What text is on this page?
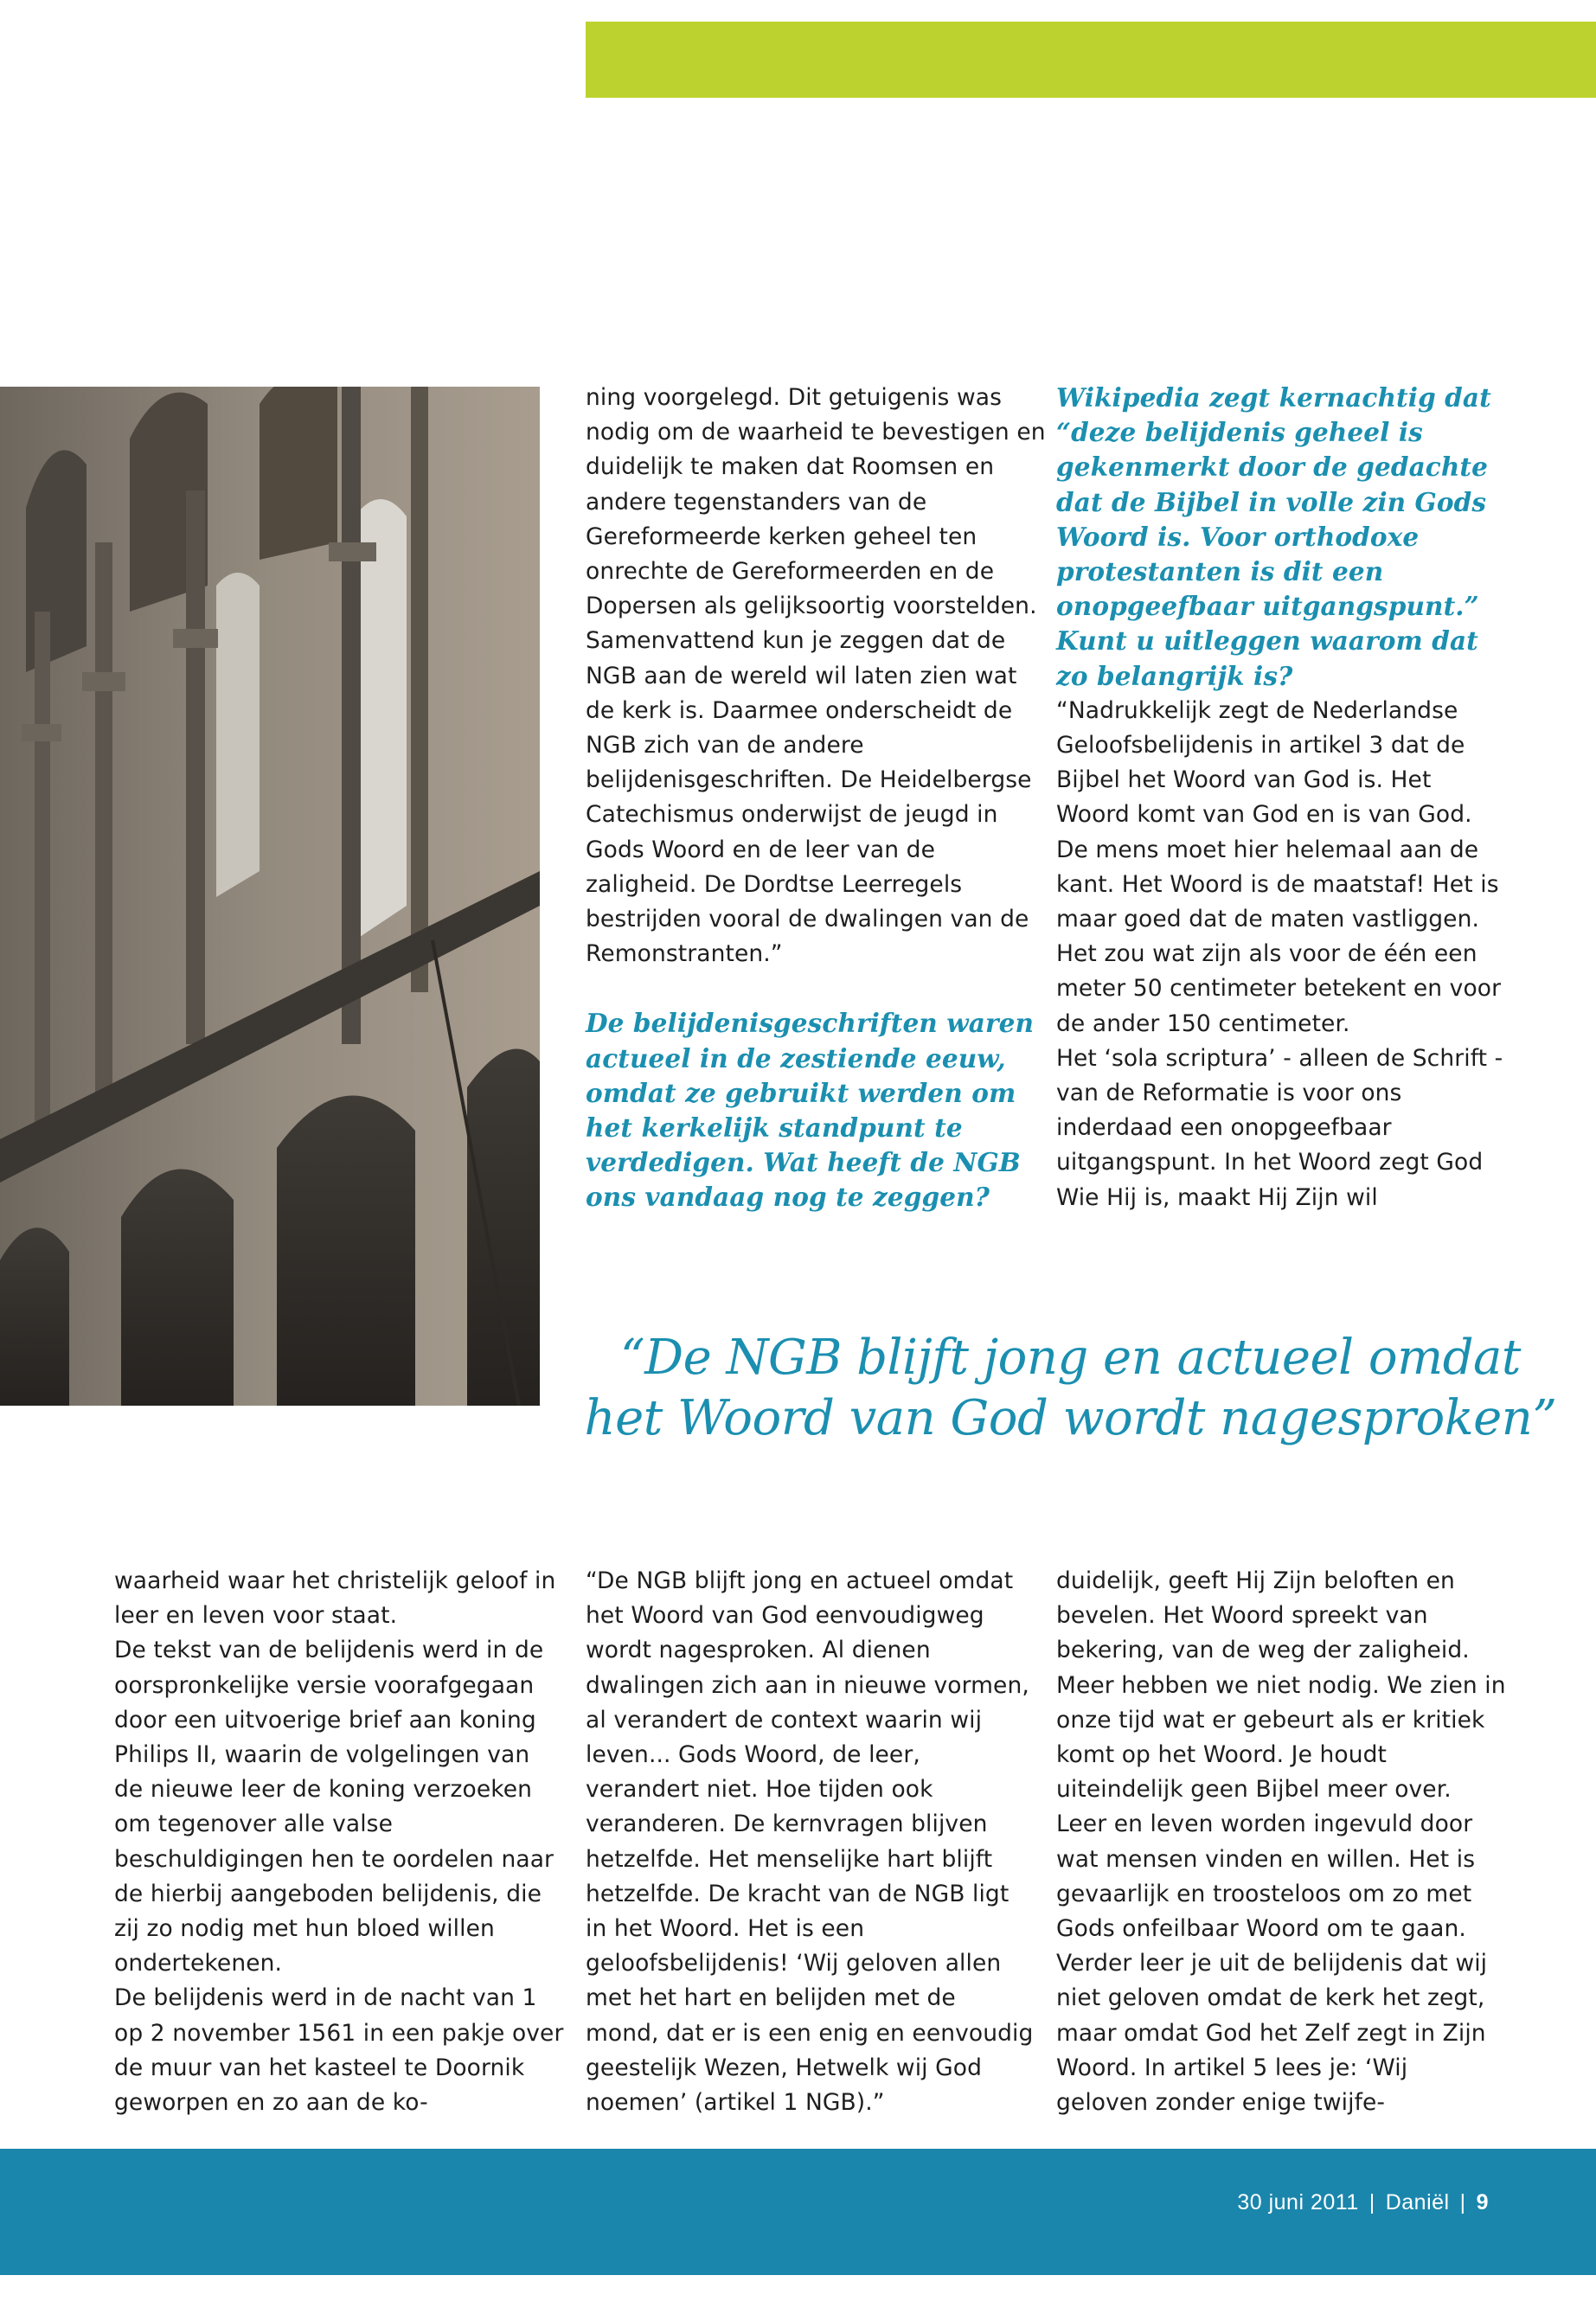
ning voorgelegd. Dit getuigenis was nodig om de waarheid te bevestigen en duidelijk te maken dat Roomsen en andere tegenstanders van de Gereformeerde kerken geheel ten onrechte de Gereformeerden en de Dopersen als gelijksoortig voorstelden.

Samenvattend kun je zeggen dat de NGB aan de wereld wil laten zien wat de kerk is. Daarmee onderscheidt de NGB zich van de andere belijdenisgeschriften. De Heidelbergse Catechismus onderwijst de jeugd in Gods Woord en de leer van de zaligheid. De Dordtse Leerregels bestrijden vooral de dwalingen van de Remonstranten.”

De belijdenisgeschriften waren actueel in de zestiende eeuw, omdat ze gebruikt werden om het kerkelijk standpunt te verdedigen. Wat heeft de NGB ons vandaag nog te zeggen?

Wikipedia zegt kernachtig dat “deze belijdenis geheel is gekenmerkt door de gedachte dat de Bijbel in volle zin Gods Woord is. Voor orthodoxe protestanten is dit een onopgeefbaar uitgangspunt.” Kunt u uitleggen waarom dat zo belangrijk is?

“Nadrukkelijk zegt de Nederlandse Geloofsbelijdenis in artikel 3 dat de Bijbel het Woord van God is. Het Woord komt van God en is van God. De mens moet hier helemaal aan de kant. Het Woord is de maatstaf! Het is maar goed dat de maten vastliggen. Het zou wat zijn als voor de één een meter 50 centimeter betekent en voor de ander 150 centimeter.

Het ‘sola scriptura’ - alleen de Schrift - van de Reformatie is voor ons inderdaad een onopgeefbaar uitgangspunt. In het Woord zegt God Wie Hij is, maakt Hij Zijn wil

“De NGB blijft jong en actueel omdat
het Woord van God wordt nagesproken”

waarheid waar het christelijk geloof in leer en leven voor staat.

De tekst van de belijdenis werd in de oorspronkelijke versie voorafgegaan door een uitvoerige brief aan koning Philips II, waarin de volgelingen van de nieuwe leer de koning verzoeken om tegenover alle valse beschuldigingen hen te oordelen naar de hierbij aangeboden belijdenis, die zij zo nodig met hun bloed willen ondertekenen.

De belijdenis werd in de nacht van 1 op 2 november 1561 in een pakje over de muur van het kasteel te Doornik geworpen en zo aan de ko-

“De NGB blijft jong en actueel omdat het Woord van God eenvoudigweg wordt nagesproken. Al dienen dwalingen zich aan in nieuwe vormen, al verandert de context waarin wij leven... Gods Woord, de leer, verandert niet. Hoe tijden ook veranderen. De kernvragen blijven hetzelfde. Het menselijke hart blijft hetzelfde. De kracht van de NGB ligt in het Woord. Het is een geloofsbelijdenis! ‘Wij geloven allen met het hart en belijden met de mond, dat er is een enig en eenvoudig geestelijk Wezen, Hetwelk wij God noemen’ (artikel 1 NGB).”

duidelijk, geeft Hij Zijn beloften en bevelen. Het Woord spreekt van bekering, van de weg der zaligheid. Meer hebben we niet nodig. We zien in onze tijd wat er gebeurt als er kritiek komt op het Woord. Je houdt uiteindelijk geen Bijbel meer over. Leer en leven worden ingevuld door wat mensen vinden en willen. Het is gevaarlijk en troosteloos om zo met Gods onfeilbaar Woord om te gaan. Verder leer je uit de belijdenis dat wij niet geloven omdat de kerk het zegt, maar omdat God het Zelf zegt in Zijn Woord. In artikel 5 lees je: ‘Wij geloven zonder enige twijfe-

30 juni 2011 | Daniël | 9
